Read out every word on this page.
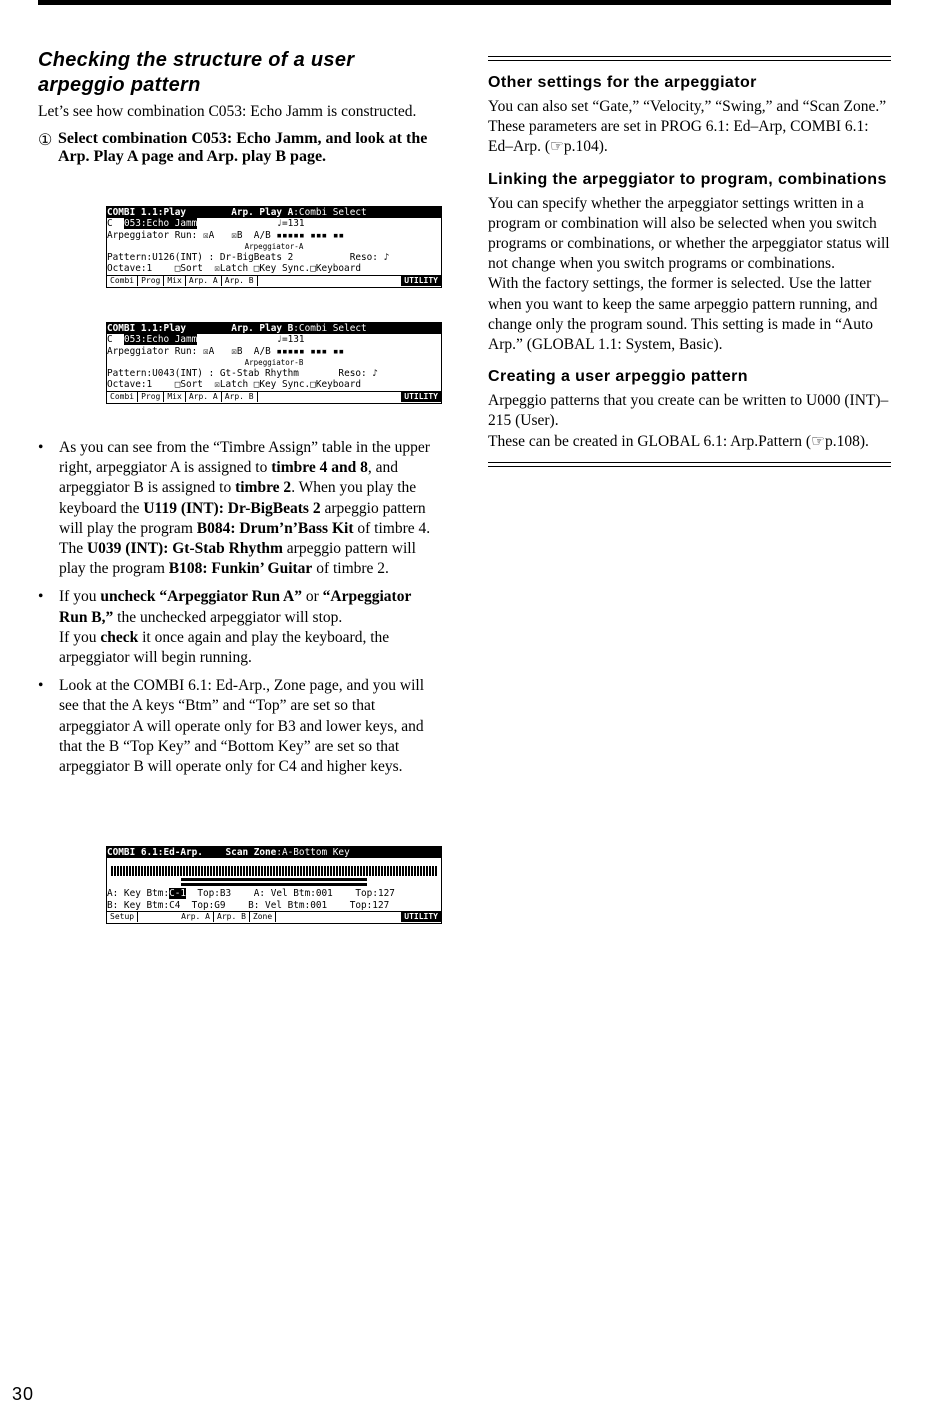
Checking the structure of a user arpeggio pattern

Let’s see how combination C053: Echo Jamm is constructed.

① Select combination C053: Echo Jamm, and look at the Arp. Play A page and Arp. play B page.
COMBI 1.1:Play	Arp. Play A:Combi Select
C 053:Echo Jamm	♩=131
Arpeggiator Run: ☒A ☒B A/B ▪▪▪▪▪ ▪▪▪ ▪▪
Arpeggiator-A
Pattern:U126(INT) : Dr-BigBeats 2	Reso: ♪
Octave:1 □Sort  ☒Latch □Key Sync.□Keyboard
Combi Prog Mix Arp. A Arp. B	UTILITY
COMBI 1.1:Play	Arp. Play B:Combi Select
C 053:Echo Jamm	♩=131
Arpeggiator Run: ☒A ☒B A/B ▪▪▪▪▪ ▪▪▪ ▪▪
Arpeggiator-B
Pattern:U043(INT) : Gt-Stab Rhythm	Reso: ♪
Octave:1 □Sort  ☒Latch □Key Sync.□Keyboard
Combi Prog Mix Arp. A Arp. B	UTILITY
• As you can see from the “Timbre Assign” table in the upper right, arpeggiator A is assigned to timbre 4 and 8, and arpeggiator B is assigned to timbre 2. When you play the keyboard the U119 (INT): Dr-BigBeats 2 arpeggio pattern will play the program B084: Drum’n’Bass Kit of timbre 4. The U039 (INT): Gt-Stab Rhythm arpeggio pattern will play the program B108: Funkin’ Guitar of timbre 2.
• If you uncheck “Arpeggiator Run A” or “Arpeggiator Run B,” the unchecked arpeggiator will stop.
If you check it once again and play the keyboard, the arpeggiator will begin running.
• Look at the COMBI 6.1: Ed-Arp., Zone page, and you will see that the A keys “Btm” and “Top” are set so that arpeggiator A will operate only for B3 and lower keys, and that the B “Top Key” and “Bottom Key” are set so that arpeggiator B will operate only for C4 and higher keys.
COMBI 6.1:Ed-Arp. Scan Zone:A-Bottom Key
A: Key Btm:C-1 Top:B3 A: Vel Btm:001 Top:127
B: Key Btm:C4 Top:G9 B: Vel Btm:001 Top:127
Setup	Arp. A Arp. B Zone	UTILITY
Other settings for the arpeggiator

You can also set “Gate,” “Velocity,” “Swing,” and “Scan Zone.” These parameters are set in PROG 6.1: Ed–Arp, COMBI 6.1: Ed–Arp. (☞p.104).

Linking the arpeggiator to program, combinations

You can specify whether the arpeggiator settings written in a program or combination will also be selected when you switch programs or combinations, or whether the arpeggiator status will not change when you switch programs or combinations.

With the factory settings, the former is selected. Use the latter when you want to keep the same arpeggio pattern running, and change only the program sound. This setting is made in “Auto Arp.” (GLOBAL 1.1: System, Basic).

Creating a user arpeggio pattern

Arpeggio patterns that you create can be written to U000 (INT)–215 (User).

These can be created in GLOBAL 6.1: Arp.Pattern (☞p.108).

30
